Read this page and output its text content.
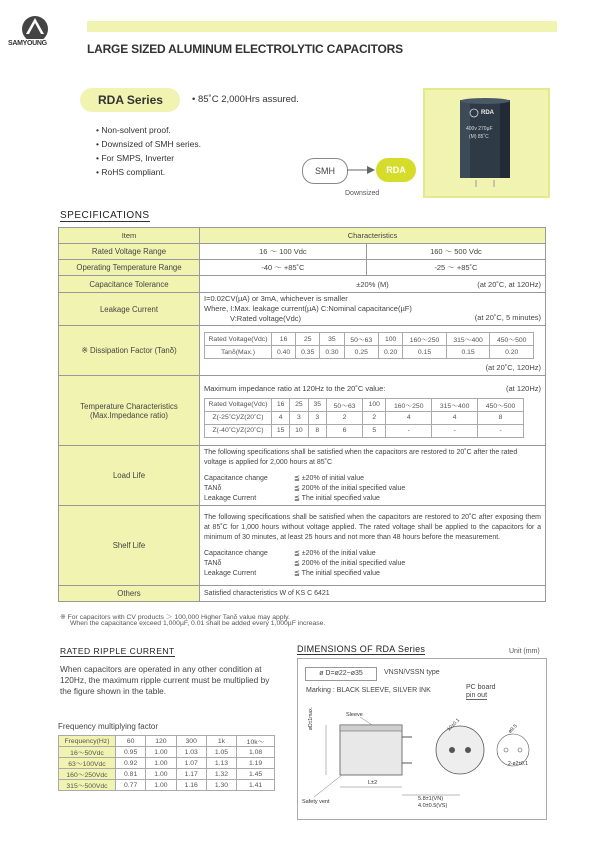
SAMYOUNG	LARGE SIZED ALUMINUM ELECTROLYTIC CAPACITORS
RDA Series	• 85˚C 2,000Hrs assured.
• Non-solvent proof.
• Downsized of SMH series.
• For SMPS, Inverter
• RoHS compliant.	SMH	RDA
Downsized
RDA
400v 270µF
(M) 85˚C
SPECIFICATIONS
Item	Characteristics
Rated Voltage Range	16 ～ 100 Vdc	160 ～ 500 Vdc
Operating Temperature Range	-40 ～ +85˚C	-25 ～ +85˚C
Capacitance Tolerance	±20% (M)	(at 20˚C, at 120Hz)

Leakage Current	
I=0.02CV(µA) or 3mA, whichever is smaller
Where, I:Max. leakage current(µA) C:Nominal capacitance(µF)
V:Rated voltage(Vdc)	(at 20˚C, 5 minutes)

※ Dissipation Factor (Tanδ)	
Rated Voltage(Vdc)	16	25	35	50～63	100	160～250	315～400	450～500
Tanδ(Max.)	0.40	0.35	0.30	0.25	0.20	0.15	0.15	0.20
(at 20˚C, 120Hz)

Temperature Characteristics
(Max.Impedance ratio)

Maximum impedance ratio at 120Hz to the 20˚C value:	(at 120Hz)
Rated Voltage(Vdc)	16	25	35	50～63	100	160～250	315～400	450～500
Z(-25˚C)/Z(20˚C)	4	3	3	2	2	4	4	8
Z(-40˚C)/Z(20˚C)	15	10	8	6	5	-	-	-

Load Life	
The following specifications shall be satisfied when the capacitors are restored to 20˚C after the rated voltage is applied for 2,000 hours at 85˚C
Capacitance change	≦ ±20% of initial value
TANδ	≦ 200% of the initial specified value
Leakage Current	≦ The initial specified value

Shelf Life	
The following specifications shall be satisfied when the capacitors are restored to 20˚C after exposing them at 85˚C for 1,000 hours without voltage applied. The rated voltage shall be applied to the capacitors for a minimum of 30 minutes, at least 25 hours and not more than 48 hours before the measurement.
Capacitance change	≦ ±20% of the initial value
TANδ	≦ 200% of the initial specified value
Leakage Current	≦ The initial specified value

Others	Satisfied characteristics W of KS C 6421
※ For capacitors with CV products ＞ 100,000 Higher Tanδ value may apply.
When the capacitance exceed 1,000µF, 0.01 shall be added every 1,000µF increase.
RATED RIPPLE CURRENT
When capacitors are operated in any other condition at 120Hz, the maximum ripple current must be multiplied by the figure shown in the table.
Frequency multiplying factor
Frequency(Hz)	60	120	300	1k	10k～
16～50Vdc	0.95	1.00	1.03	1.05	1.08
63～100Vdc	0.92	1.00	1.07	1.13	1.19
160～250Vdc	0.81	1.00	1.17	1.32	1.45
315～500Vdc	0.77	1.00	1.16	1.30	1.41
DIMENSIONS OF RDA Series	Unit (mm)
ø D=ø22~ø35	VNSN/VSSN type
Marking : BLACK SLEEVE, SILVER INK	PC board
pin out
Sleeve
Safety vent
øD±1max.
L±2
5.8±1(VN)
4.0±0.5(VS)
10±0.1	ø9.5
2-ø2±0.1
